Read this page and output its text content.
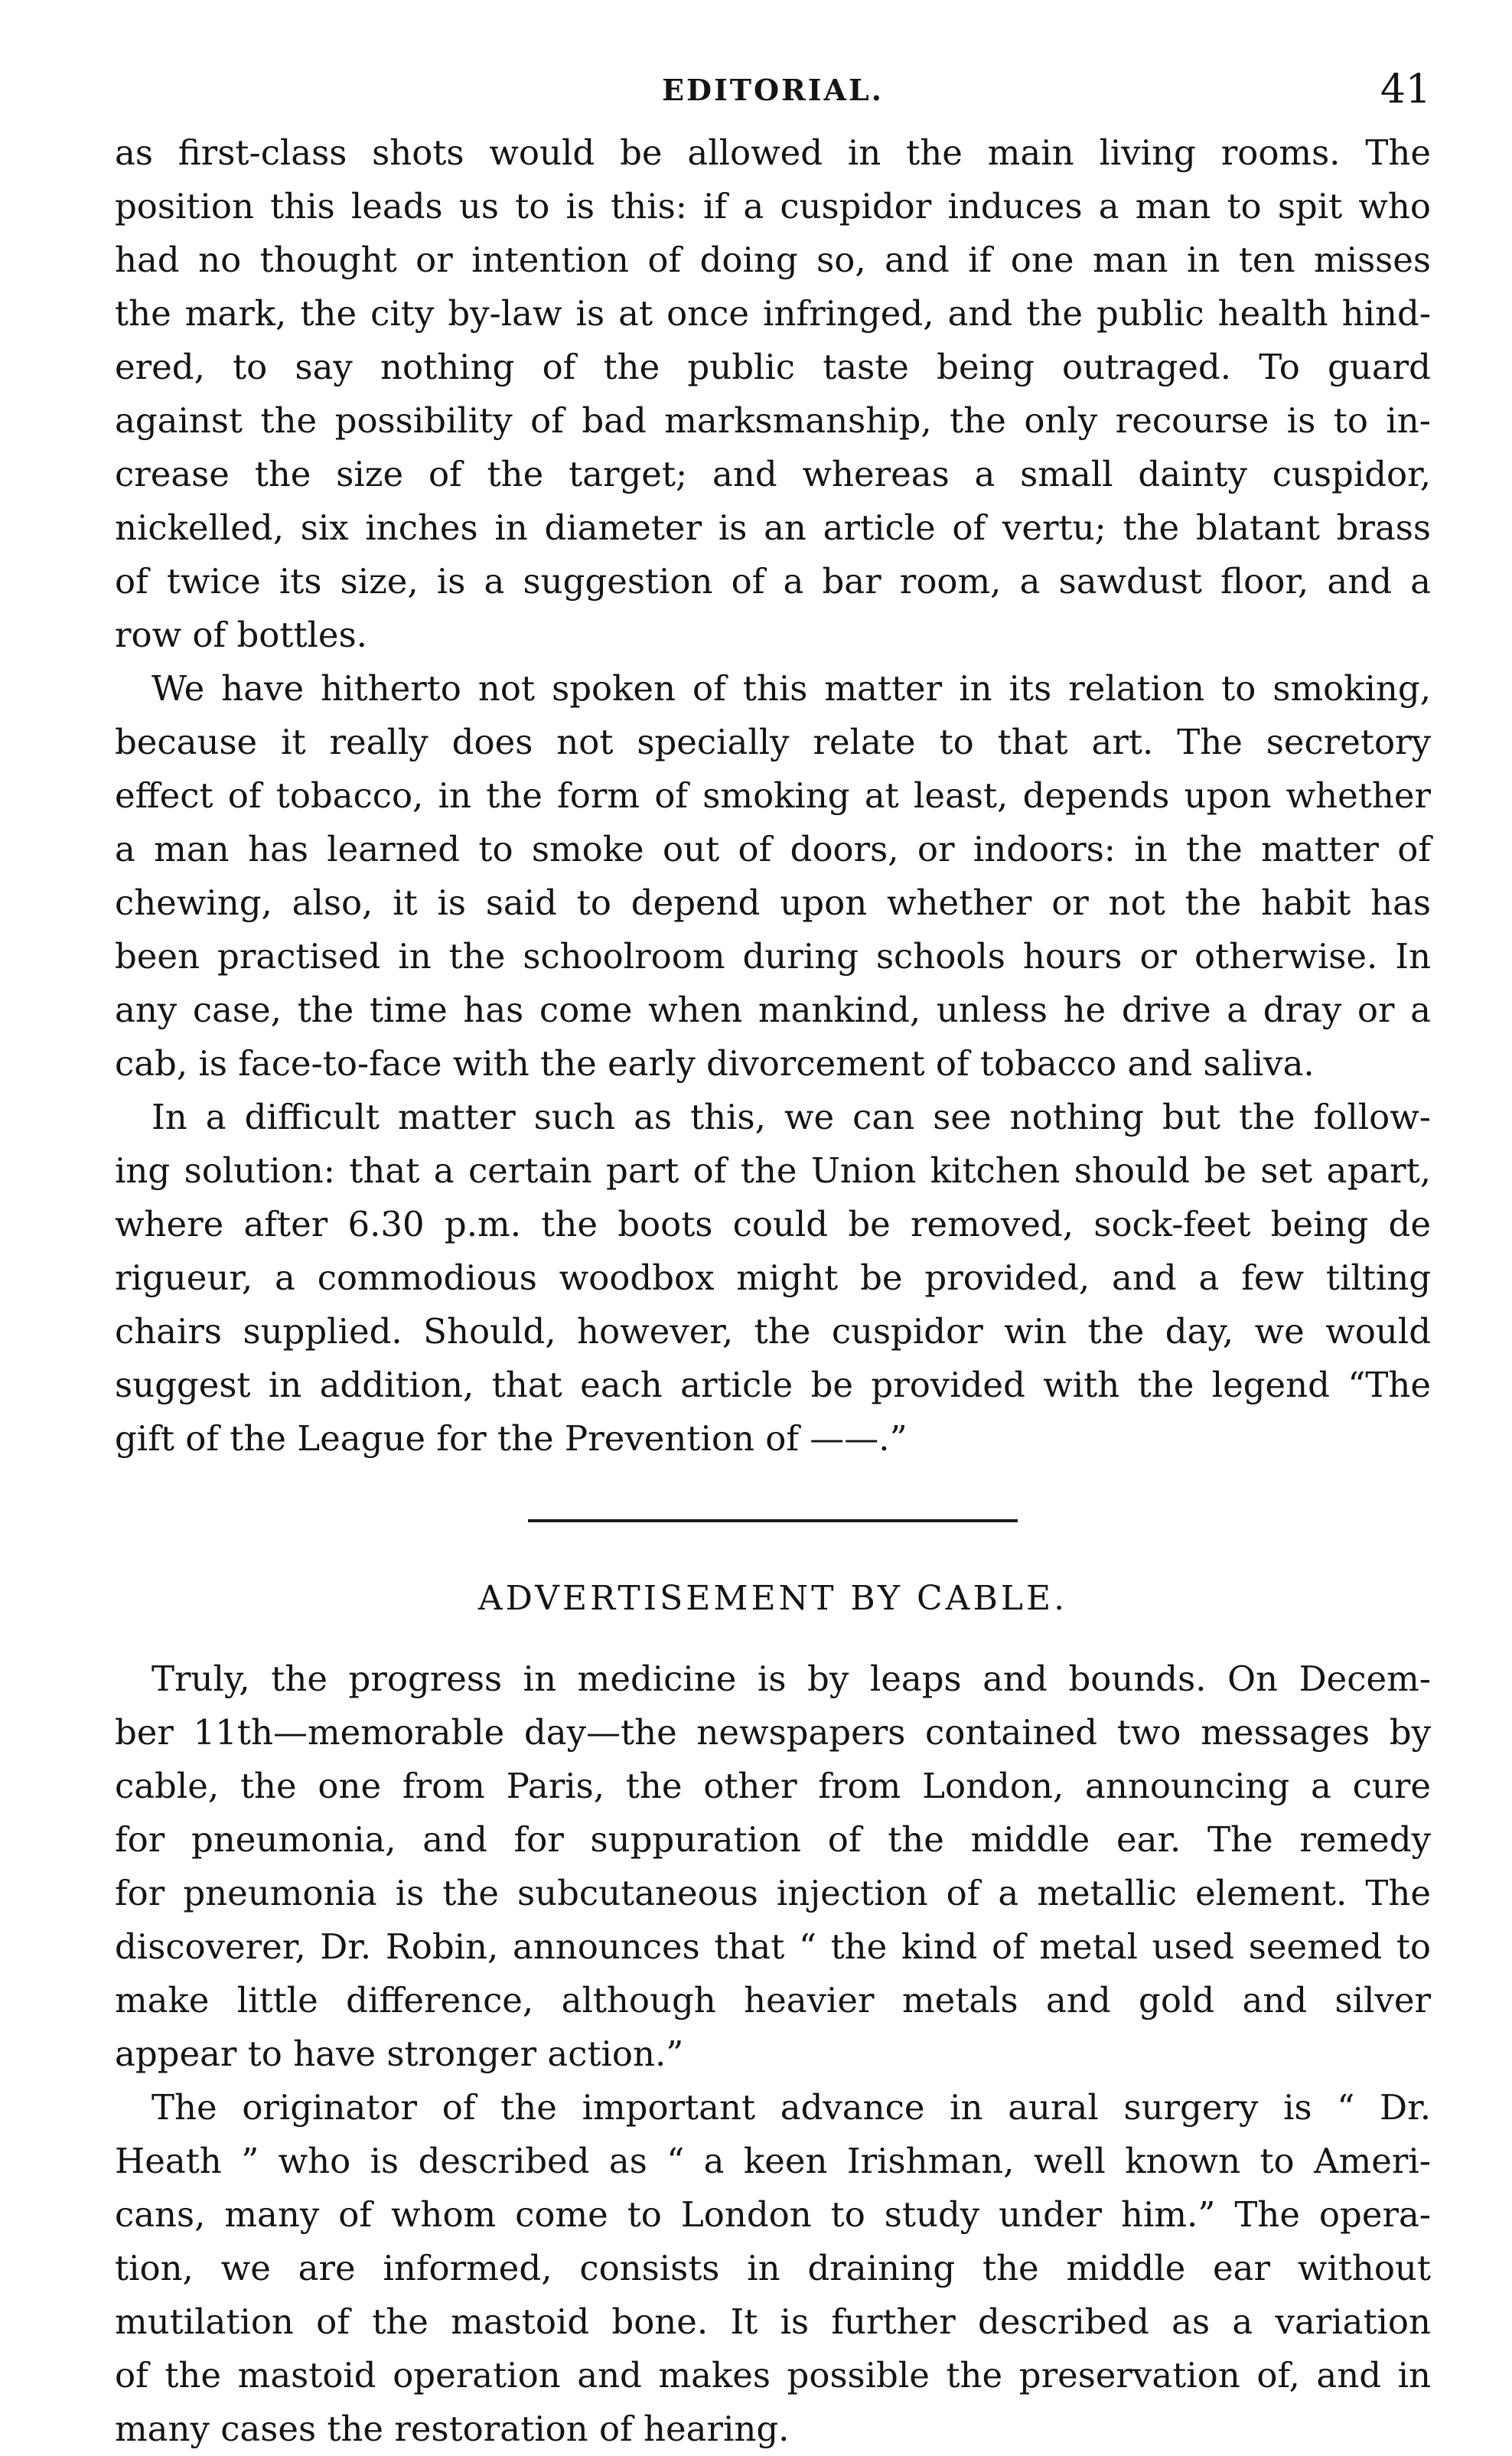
EDITORIAL.	41

as first-class shots would be allowed in the main living rooms. The
position this leads us to is this: if a cuspidor induces a man to spit who
had no thought or intention of doing so, and if one man in ten misses
the mark, the city by-law is at once infringed, and the public health hind-
ered, to say nothing of the public taste being outraged. To guard
against the possibility of bad marksmanship, the only recourse is to in-
crease the size of the target; and whereas a small dainty cuspidor,
nickelled, six inches in diameter is an article of vertu; the blatant brass
of twice its size, is a suggestion of a bar room, a sawdust floor, and a
row of bottles.

We have hitherto not spoken of this matter in its relation to smoking,
because it really does not specially relate to that art. The secretory
effect of tobacco, in the form of smoking at least, depends upon whether
a man has learned to smoke out of doors, or indoors: in the matter of
chewing, also, it is said to depend upon whether or not the habit has
been practised in the schoolroom during schools hours or otherwise. In
any case, the time has come when mankind, unless he drive a dray or a
cab, is face-to-face with the early divorcement of tobacco and saliva.

In a difficult matter such as this, we can see nothing but the follow-
ing solution: that a certain part of the Union kitchen should be set apart,
where after 6.30 p.m. the boots could be removed, sock-feet being de
rigueur, a commodious woodbox might be provided, and a few tilting
chairs supplied. Should, however, the cuspidor win the day, we would
suggest in addition, that each article be provided with the legend “The
gift of the League for the Prevention of ——.”

ADVERTISEMENT BY CABLE.

Truly, the progress in medicine is by leaps and bounds. On Decem-
ber 11th—memorable day—the newspapers contained two messages by
cable, the one from Paris, the other from London, announcing a cure
for pneumonia, and for suppuration of the middle ear. The remedy
for pneumonia is the subcutaneous injection of a metallic element. The
discoverer, Dr. Robin, announces that “ the kind of metal used seemed to
make little difference, although heavier metals and gold and silver
appear to have stronger action.”

The originator of the important advance in aural surgery is “ Dr.
Heath ” who is described as “ a keen Irishman, well known to Ameri-
cans, many of whom come to London to study under him.” The opera-
tion, we are informed, consists in draining the middle ear without
mutilation of the mastoid bone. It is further described as a variation
of the mastoid operation and makes possible the preservation of, and in
many cases the restoration of hearing.
